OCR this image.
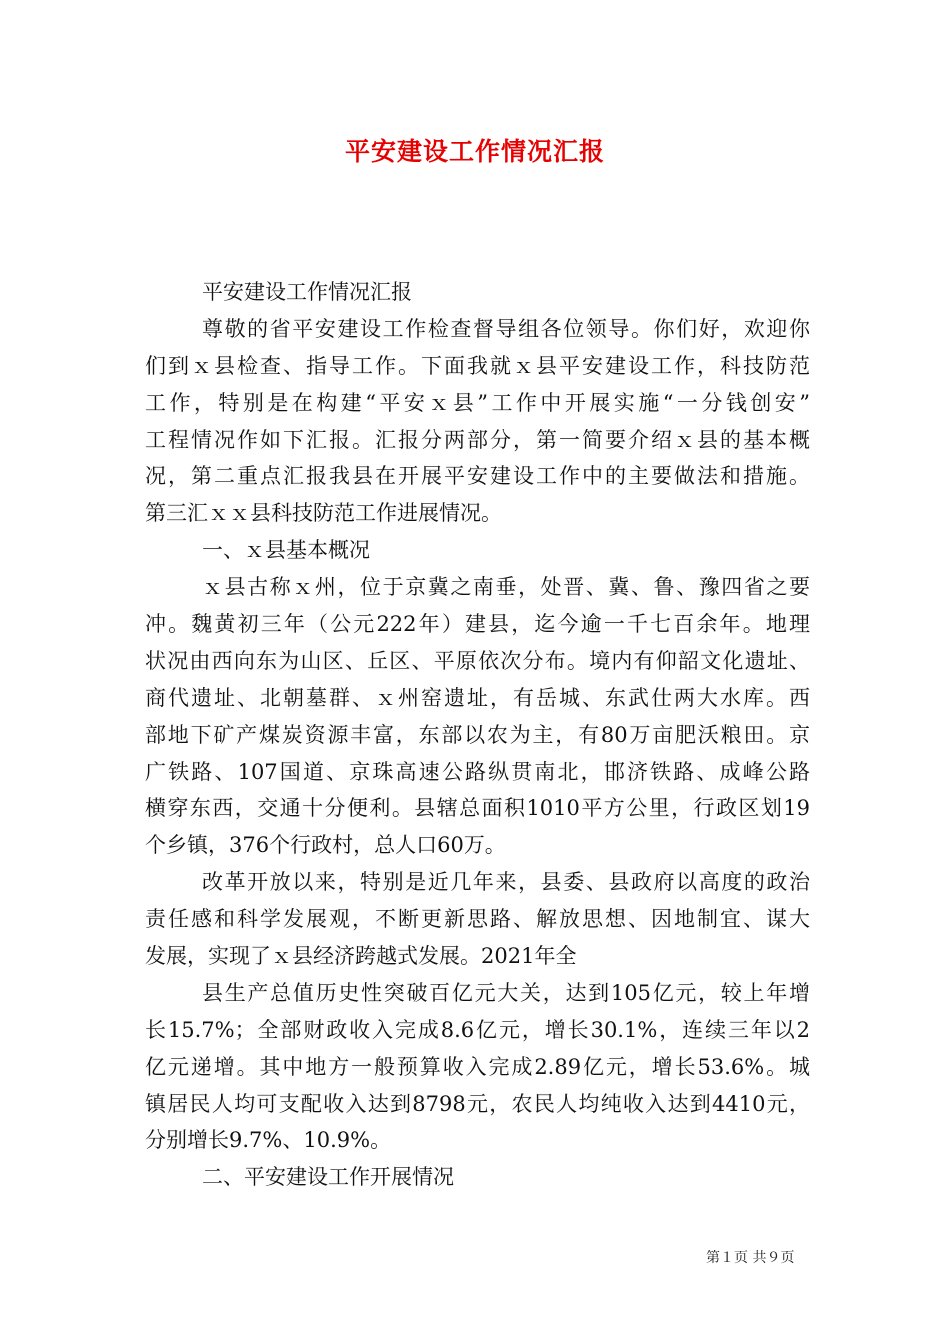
平安建设工作情况汇报
平安建设工作情况汇报
尊敬的省平安建设工作检查督导组各位领导。你们好，欢迎你
们到ｘ县检查、指导工作。下面我就ｘ县平安建设工作，科技防范
工作，特别是在构建“平安ｘ县”工作中开展实施“一分钱创安”
工程情况作如下汇报。汇报分两部分，第一简要介绍ｘ县的基本概
况，第二重点汇报我县在开展平安建设工作中的主要做法和措施。
第三汇ｘｘ县科技防范工作进展情况。
一、ｘ县基本概况
ｘ县古称ｘ州，位于京冀之南垂，处晋、冀、鲁、豫四省之要
冲。魏黄初三年（公元222年）建县，迄今逾一千七百余年。地理
状况由西向东为山区、丘区、平原依次分布。境内有仰韶文化遗址、
商代遗址、北朝墓群、ｘ州窑遗址，有岳城、东武仕两大水库。西
部地下矿产煤炭资源丰富，东部以农为主，有80万亩肥沃粮田。京
广铁路、107国道、京珠高速公路纵贯南北，邯济铁路、成峰公路
横穿东西，交通十分便利。县辖总面积1010平方公里，行政区划19
个乡镇，376个行政村，总人口60万。
改革开放以来，特别是近几年来，县委、县政府以高度的政治
责任感和科学发展观，不断更新思路、解放思想、因地制宜、谋大
发展，实现了ｘ县经济跨越式发展。2021年全
县生产总值历史性突破百亿元大关，达到105亿元，较上年增
长15.7%；全部财政收入完成8.6亿元，增长30.1%，连续三年以2
亿元递增。其中地方一般预算收入完成2.89亿元，增长53.6%。城
镇居民人均可支配收入达到8798元，农民人均纯收入达到4410元，
分别增长9.7%、10.9%。
二、平安建设工作开展情况
第１页 共９页
